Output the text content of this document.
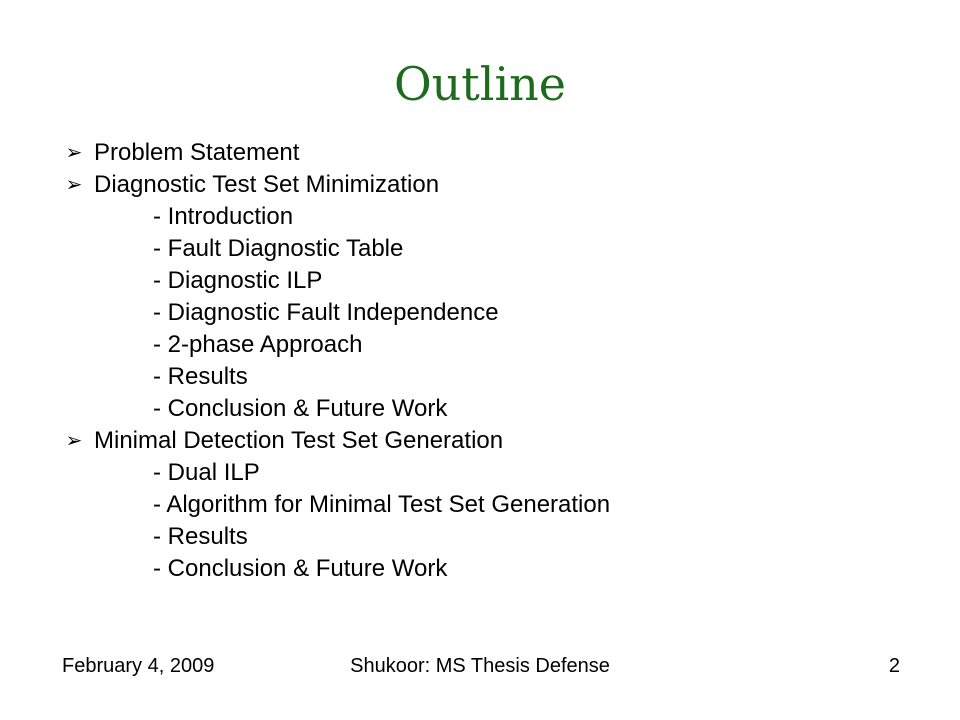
Outline
➢ Problem Statement
➢ Diagnostic Test Set Minimization
- Introduction
- Fault Diagnostic Table
- Diagnostic ILP
- Diagnostic Fault Independence
- 2-phase Approach
- Results
- Conclusion & Future Work
➢ Minimal Detection Test Set Generation
- Dual ILP
- Algorithm for Minimal Test Set Generation
- Results
- Conclusion & Future Work
February 4, 2009	Shukoor: MS Thesis Defense	2
